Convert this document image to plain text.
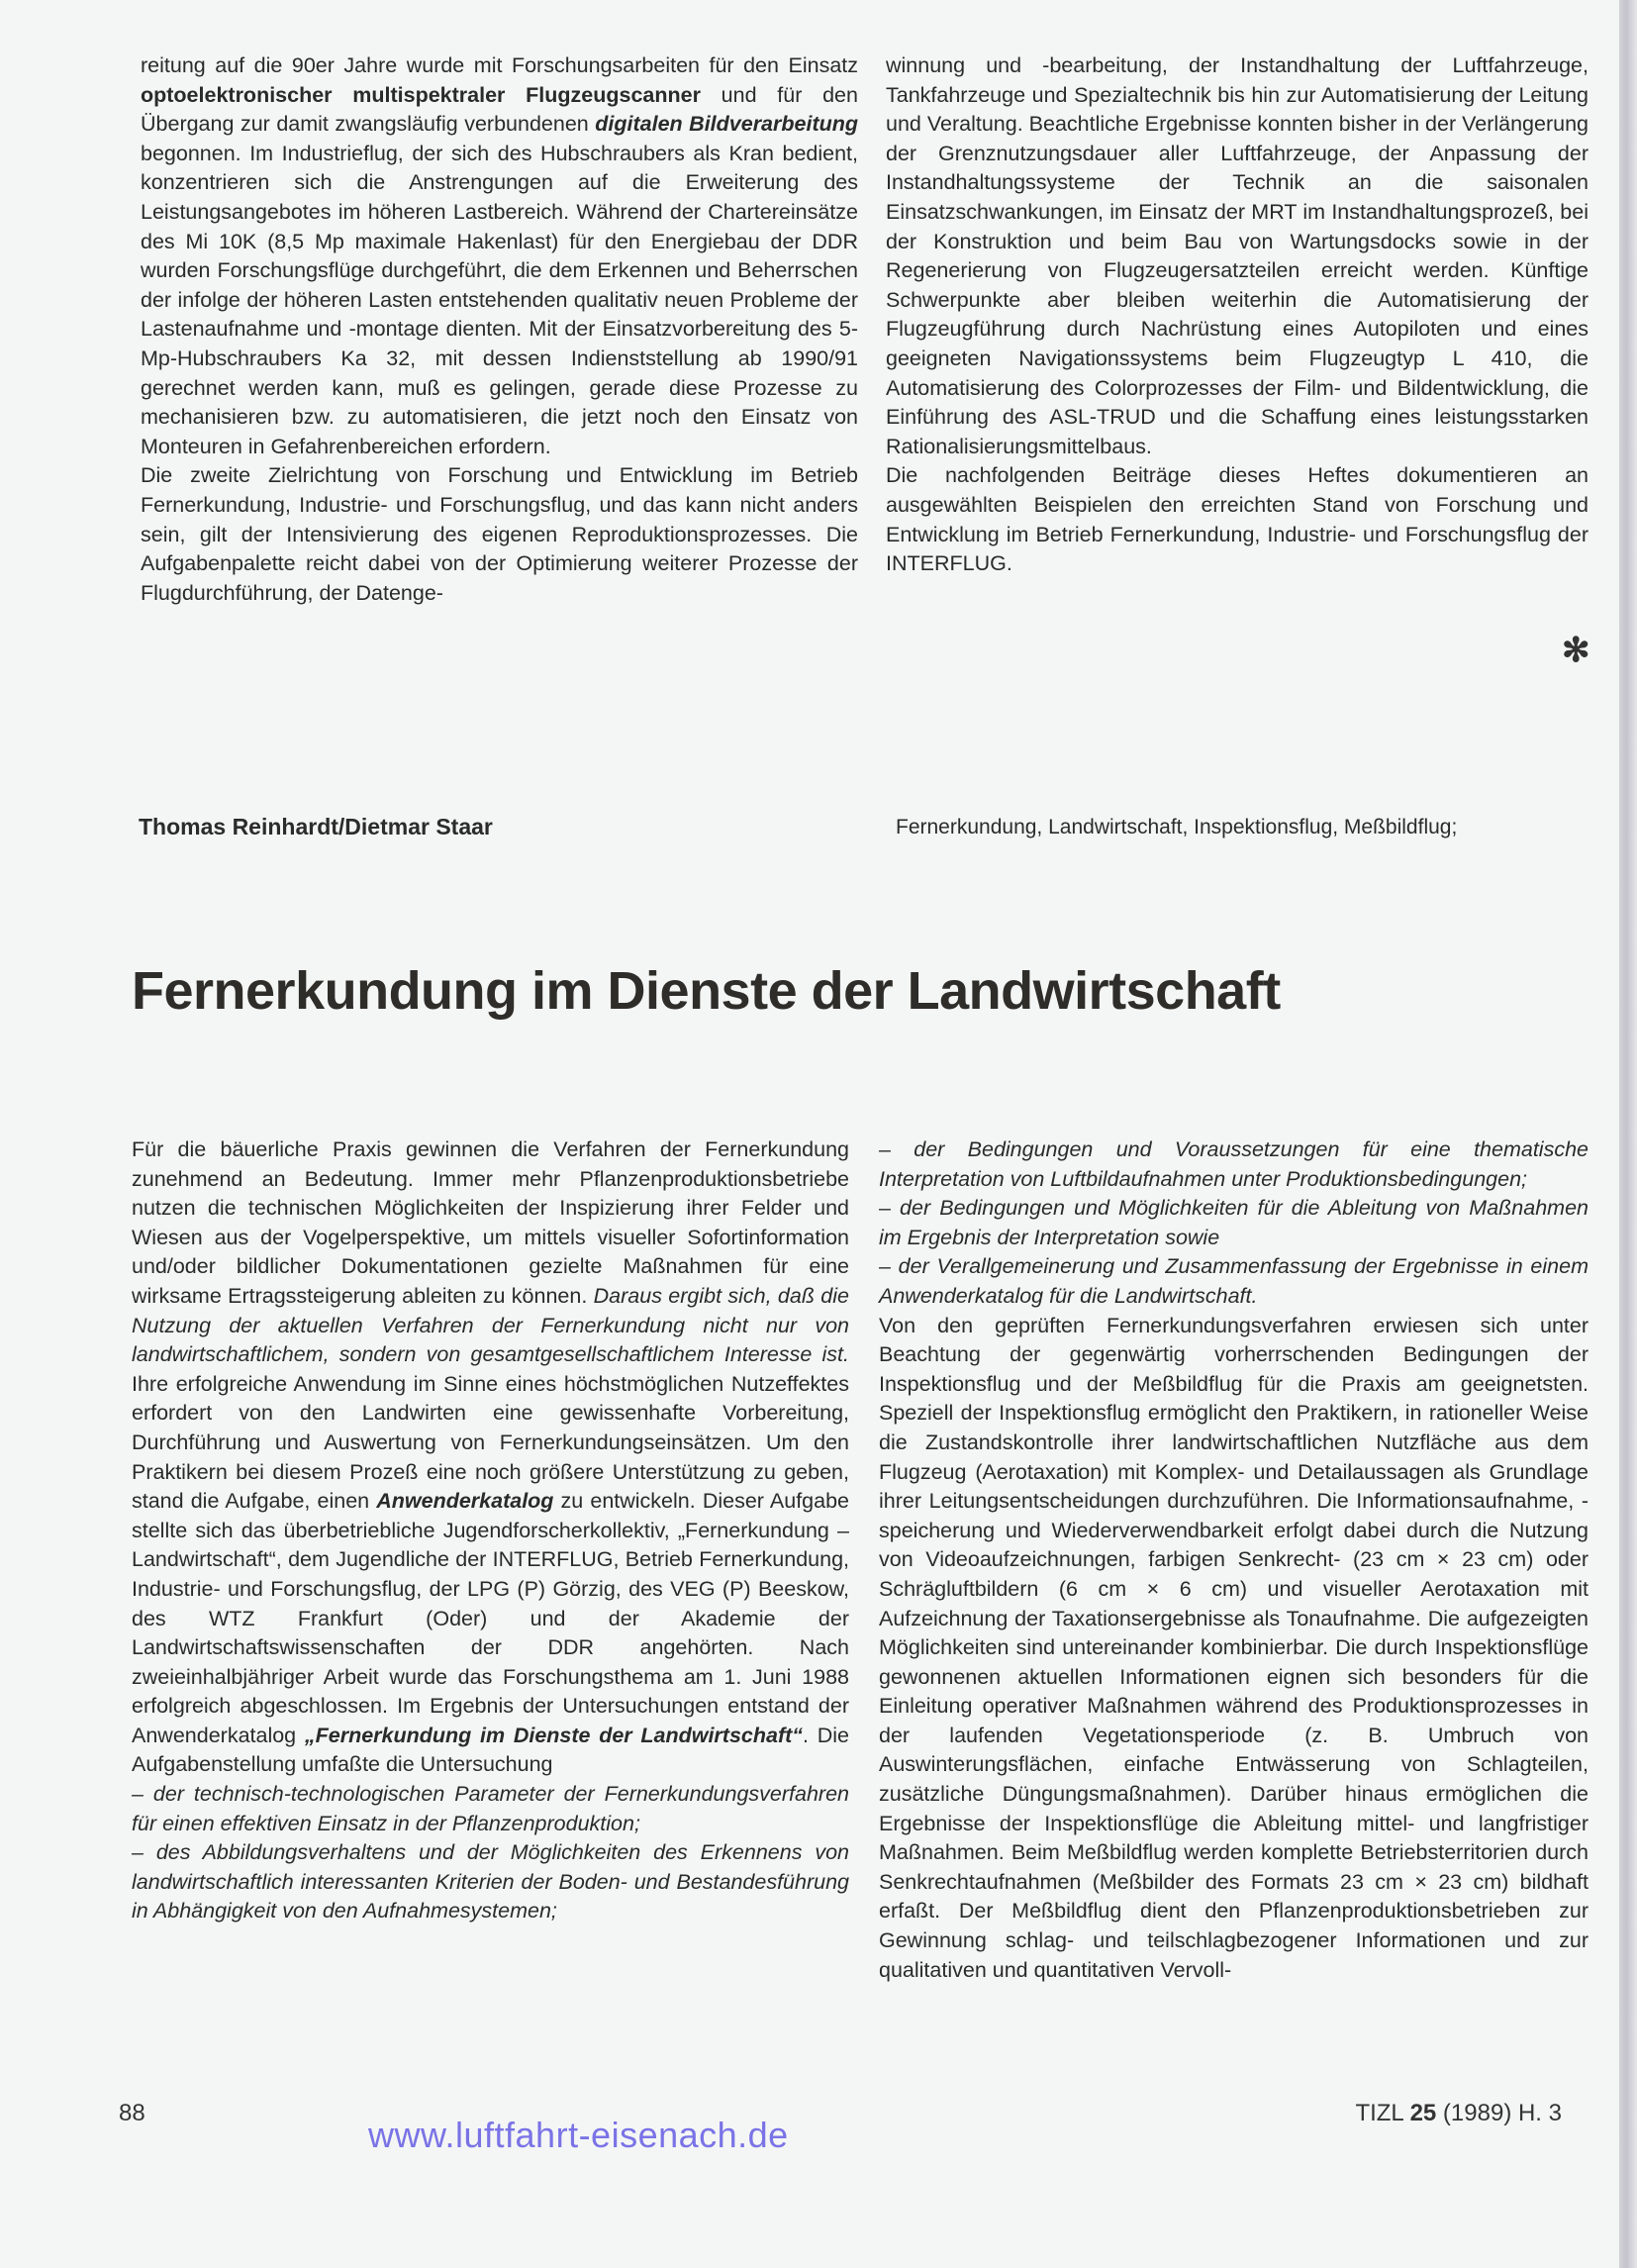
reitung auf die 90er Jahre wurde mit Forschungsarbeiten für den Einsatz optoelektronischer multispektraler Flugzeugscanner und für den Übergang zur damit zwangsläufig verbundenen digitalen Bildverarbeitung begonnen. Im Industrieflug, der sich des Hubschraubers als Kran bedient, konzentrieren sich die Anstrengungen auf die Erweiterung des Leistungsangebotes im höheren Lastbereich. Während der Chartereinsätze des Mi 10K (8,5 Mp maximale Hakenlast) für den Energiebau der DDR wurden Forschungsflüge durchgeführt, die dem Erkennen und Beherrschen der infolge der höheren Lasten entstehenden qualitativ neuen Probleme der Lastenaufnahme und -montage dienten. Mit der Einsatzvorbereitung des 5-Mp-Hubschraubers Ka 32, mit dessen Indienststellung ab 1990/91 gerechnet werden kann, muß es gelingen, gerade diese Prozesse zu mechanisieren bzw. zu automatisieren, die jetzt noch den Einsatz von Monteuren in Gefahrenbereichen erfordern.

Die zweite Zielrichtung von Forschung und Entwicklung im Betrieb Fernerkundung, Industrie- und Forschungsflug, und das kann nicht anders sein, gilt der Intensivierung des eigenen Reproduktionsprozesses. Die Aufgabenpalette reicht dabei von der Optimierung weiterer Prozesse der Flugdurchführung, der Datenge-

winnung und -bearbeitung, der Instandhaltung der Luftfahrzeuge, Tankfahrzeuge und Spezialtechnik bis hin zur Automatisierung der Leitung und Veraltung. Beachtliche Ergebnisse konnten bisher in der Verlängerung der Grenznutzungsdauer aller Luftfahrzeuge, der Anpassung der Instandhaltungssysteme der Technik an die saisonalen Einsatzschwankungen, im Einsatz der MRT im Instandhaltungsprozeß, bei der Konstruktion und beim Bau von Wartungsdocks sowie in der Regenerierung von Flugzeugersatzteilen erreicht werden. Künftige Schwerpunkte aber bleiben weiterhin die Automatisierung der Flugzeugführung durch Nachrüstung eines Autopiloten und eines geeigneten Navigationssystems beim Flugzeugtyp L 410, die Automatisierung des Colorprozesses der Film- und Bildentwicklung, die Einführung des ASL-TRUD und die Schaffung eines leistungsstarken Rationalisierungsmittelbaus.

Die nachfolgenden Beiträge dieses Heftes dokumentieren an ausgewählten Beispielen den erreichten Stand von Forschung und Entwicklung im Betrieb Fernerkundung, Industrie- und Forschungsflug der INTERFLUG.

✻
Thomas Reinhardt/Dietmar Staar	Fernerkundung, Landwirtschaft, Inspektionsflug, Meßbildflug;
Fernerkundung im Dienste der Landwirtschaft

Für die bäuerliche Praxis gewinnen die Verfahren der Fernerkundung zunehmend an Bedeutung. Immer mehr Pflanzenproduktionsbetriebe nutzen die technischen Möglichkeiten der Inspizierung ihrer Felder und Wiesen aus der Vogelperspektive, um mittels visueller Sofortinformation und/oder bildlicher Dokumentationen gezielte Maßnahmen für eine wirksame Ertragssteigerung ableiten zu können. Daraus ergibt sich, daß die Nutzung der aktuellen Verfahren der Fernerkundung nicht nur von landwirtschaftlichem, sondern von gesamtgesellschaftlichem Interesse ist. Ihre erfolgreiche Anwendung im Sinne eines höchstmöglichen Nutzeffektes erfordert von den Landwirten eine gewissenhafte Vorbereitung, Durchführung und Auswertung von Fernerkundungseinsätzen. Um den Praktikern bei diesem Prozeß eine noch größere Unterstützung zu geben, stand die Aufgabe, einen Anwenderkatalog zu entwickeln. Dieser Aufgabe stellte sich das überbetriebliche Jugendforscherkollektiv, „Fernerkundung – Landwirtschaft“, dem Jugendliche der INTERFLUG, Betrieb Fernerkundung, Industrie- und Forschungsflug, der LPG (P) Görzig, des VEG (P) Beeskow, des WTZ Frankfurt (Oder) und der Akademie der Landwirtschaftswissenschaften der DDR angehörten. Nach zweieinhalbjähriger Arbeit wurde das Forschungsthema am 1. Juni 1988 erfolgreich abgeschlossen. Im Ergebnis der Untersuchungen entstand der Anwenderkatalog „Fernerkundung im Dienste der Landwirtschaft“. Die Aufgabenstellung umfaßte die Untersuchung

– der technisch-technologischen Parameter der Fernerkundungsverfahren für einen effektiven Einsatz in der Pflanzenproduktion;

– des Abbildungsverhaltens und der Möglichkeiten des Erkennens von landwirtschaftlich interessanten Kriterien der Boden- und Bestandesführung in Abhängigkeit von den Aufnahmesystemen;

– der Bedingungen und Voraussetzungen für eine thematische Interpretation von Luftbildaufnahmen unter Produktionsbedingungen;

– der Bedingungen und Möglichkeiten für die Ableitung von Maßnahmen im Ergebnis der Interpretation sowie

– der Verallgemeinerung und Zusammenfassung der Ergebnisse in einem Anwenderkatalog für die Landwirtschaft.

Von den geprüften Fernerkundungsverfahren erwiesen sich unter Beachtung der gegenwärtig vorherrschenden Bedingungen der Inspektionsflug und der Meßbildflug für die Praxis am geeignetsten. Speziell der Inspektionsflug ermöglicht den Praktikern, in rationeller Weise die Zustandskontrolle ihrer landwirtschaftlichen Nutzfläche aus dem Flugzeug (Aerotaxation) mit Komplex- und Detailaussagen als Grundlage ihrer Leitungsentscheidungen durchzuführen. Die Informationsaufnahme, -speicherung und Wiederverwendbarkeit erfolgt dabei durch die Nutzung von Videoaufzeichnungen, farbigen Senkrecht- (23 cm × 23 cm) oder Schrägluftbildern (6 cm × 6 cm) und visueller Aerotaxation mit Aufzeichnung der Taxationsergebnisse als Tonaufnahme. Die aufgezeigten Möglichkeiten sind untereinander kombinierbar. Die durch Inspektionsflüge gewonnenen aktuellen Informationen eignen sich besonders für die Einleitung operativer Maßnahmen während des Produktionsprozesses in der laufenden Vegetationsperiode (z. B. Umbruch von Auswinterungsflächen, einfache Entwässerung von Schlagteilen, zusätzliche Düngungsmaßnahmen). Darüber hinaus ermöglichen die Ergebnisse der Inspektionsflüge die Ableitung mittel- und langfristiger Maßnahmen. Beim Meßbildflug werden komplette Betriebsterritorien durch Senkrechtaufnahmen (Meßbilder des Formats 23 cm × 23 cm) bildhaft erfaßt. Der Meßbildflug dient den Pflanzenproduktionsbetrieben zur Gewinnung schlag- und teilschlagbezogener Informationen und zur qualitativen und quantitativen Vervoll-

88
www.luftfahrt-eisenach.de
TIZL 25 (1989) H. 3
